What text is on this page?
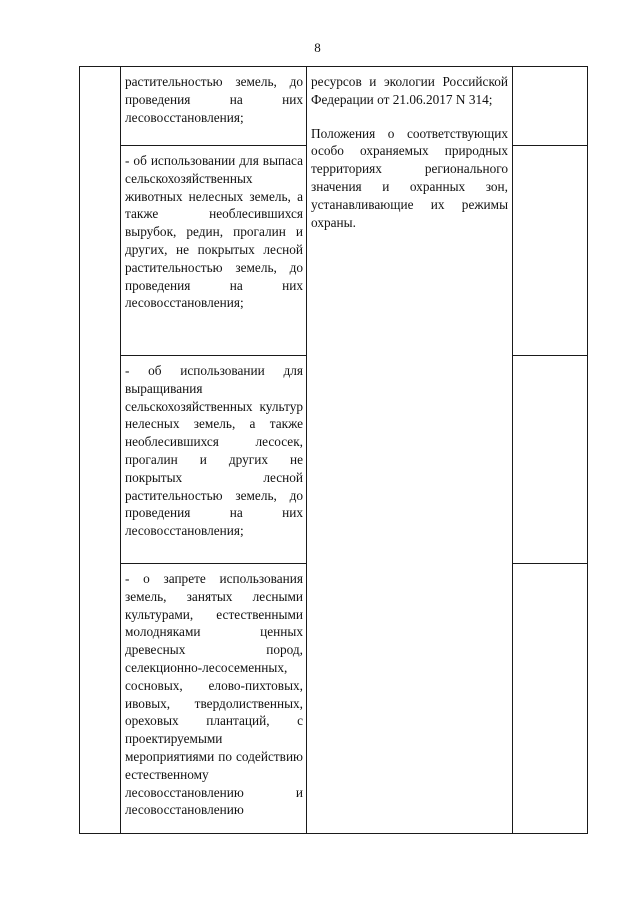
8

	растительностью земель, до проведения на них лесовосстановления;	ресурсов и экологии Российской Федерации от 21.06.2017 N 314;
Положения о соответствующих особо охраняемых природных территориях регионального значения и охранных зон, устанавливающие их режимы охраны.	

	- об использовании для выпаса сельскохозяйственных животных нелесных земель, а также необлесившихся вырубок, редин, прогалин и других, не покрытых лесной растительностью земель, до проведения на них лесовосстановления;		

	- об использовании для выращивания сельскохозяйственных культур нелесных земель, а также необлесившихся лесосек, прогалин и других не покрытых лесной растительностью земель, до проведения на них лесовосстановления;		

	- о запрете использования земель, занятых лесными культурами, естественными молодняками ценных древесных пород, селекционно-лесосеменных, сосновых, елово-пихтовых, ивовых, твердолиственных, ореховых плантаций, с проектируемыми мероприятиями по содействию естественному лесовосстановлению и лесовосстановлению		
